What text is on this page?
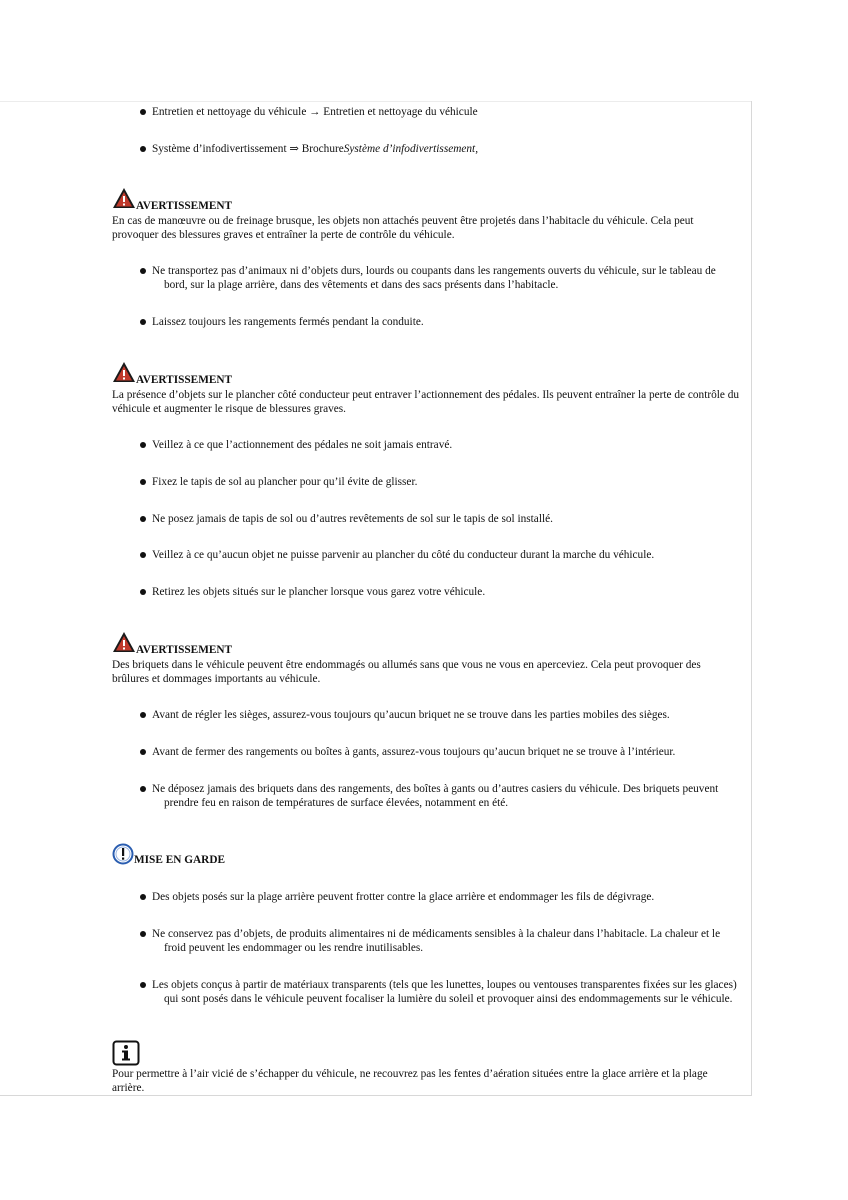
Entretien et nettoyage du véhicule → Entretien et nettoyage du véhicule
Système d’infodivertissement ⇒ BrochureSystème d’infodivertissement,
AVERTISSEMENT
En cas de manœuvre ou de freinage brusque, les objets non attachés peuvent être projetés dans l’habitacle du véhicule. Cela peut provoquer des blessures graves et entraîner la perte de contrôle du véhicule.
Ne transportez pas d’animaux ni d’objets durs, lourds ou coupants dans les rangements ouverts du véhicule, sur le tableau de bord, sur la plage arrière, dans des vêtements et dans des sacs présents dans l’habitacle.
Laissez toujours les rangements fermés pendant la conduite.
AVERTISSEMENT
La présence d’objets sur le plancher côté conducteur peut entraver l’actionnement des pédales. Ils peuvent entraîner la perte de contrôle du véhicule et augmenter le risque de blessures graves.
Veillez à ce que l’actionnement des pédales ne soit jamais entravé.
Fixez le tapis de sol au plancher pour qu’il évite de glisser.
Ne posez jamais de tapis de sol ou d’autres revêtements de sol sur le tapis de sol installé.
Veillez à ce qu’aucun objet ne puisse parvenir au plancher du côté du conducteur durant la marche du véhicule.
Retirez les objets situés sur le plancher lorsque vous garez votre véhicule.
AVERTISSEMENT
Des briquets dans le véhicule peuvent être endommagés ou allumés sans que vous ne vous en aperceviez. Cela peut provoquer des brûlures et dommages importants au véhicule.
Avant de régler les sièges, assurez-vous toujours qu’aucun briquet ne se trouve dans les parties mobiles des sièges.
Avant de fermer des rangements ou boîtes à gants, assurez-vous toujours qu’aucun briquet ne se trouve à l’intérieur.
Ne déposez jamais des briquets dans des rangements, des boîtes à gants ou d’autres casiers du véhicule. Des briquets peuvent prendre feu en raison de températures de surface élevées, notamment en été.
MISE EN GARDE
Des objets posés sur la plage arrière peuvent frotter contre la glace arrière et endommager les fils de dégivrage.
Ne conservez pas d’objets, de produits alimentaires ni de médicaments sensibles à la chaleur dans l’habitacle. La chaleur et le froid peuvent les endommager ou les rendre inutilisables.
Les objets conçus à partir de matériaux transparents (tels que les lunettes, loupes ou ventouses transparentes fixées sur les glaces) qui sont posés dans le véhicule peuvent focaliser la lumière du soleil et provoquer ainsi des endommagements sur le véhicule.
Pour permettre à l’air vicié de s’échapper du véhicule, ne recouvrez pas les fentes d’aération situées entre la glace arrière et la plage arrière.
